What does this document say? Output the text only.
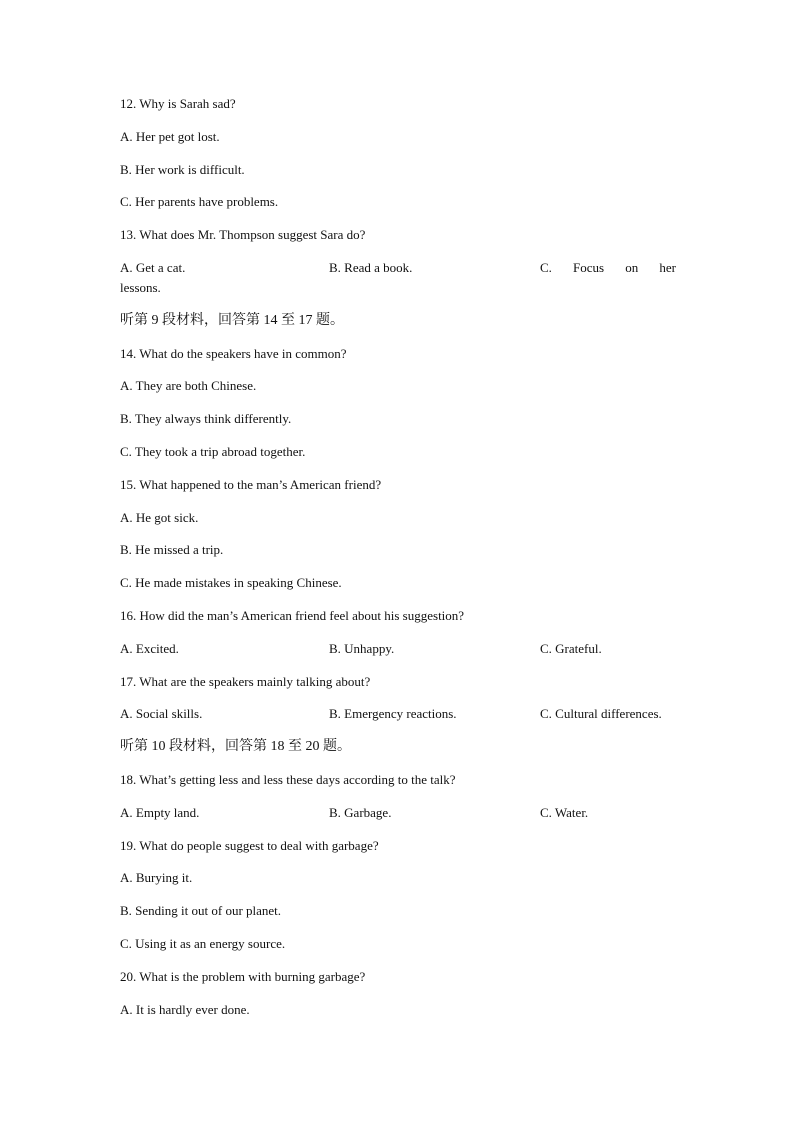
12. Why is Sarah sad?
A. Her pet got lost.
B. Her work is difficult.
C. Her parents have problems.
13. What does Mr. Thompson suggest Sara do?
A. Get a cat.	B. Read a book.	C. Focus on her
lessons.
听第 9 段材料，回答第 14 至 17 题。
14. What do the speakers have in common?
A. They are both Chinese.
B. They always think differently.
C. They took a trip abroad together.
15. What happened to the man’s American friend?
A. He got sick.
B. He missed a trip.
C. He made mistakes in speaking Chinese.
16. How did the man’s American friend feel about his suggestion?
A. Excited.	B. Unhappy.	C. Grateful.
17. What are the speakers mainly talking about?
A. Social skills.	B. Emergency reactions.	C. Cultural differences.
听第 10 段材料，回答第 18 至 20 题。
18. What’s getting less and less these days according to the talk?
A. Empty land.	B. Garbage.	C. Water.
19. What do people suggest to deal with garbage?
A. Burying it.
B. Sending it out of our planet.
C. Using it as an energy source.
20. What is the problem with burning garbage?
A. It is hardly ever done.
